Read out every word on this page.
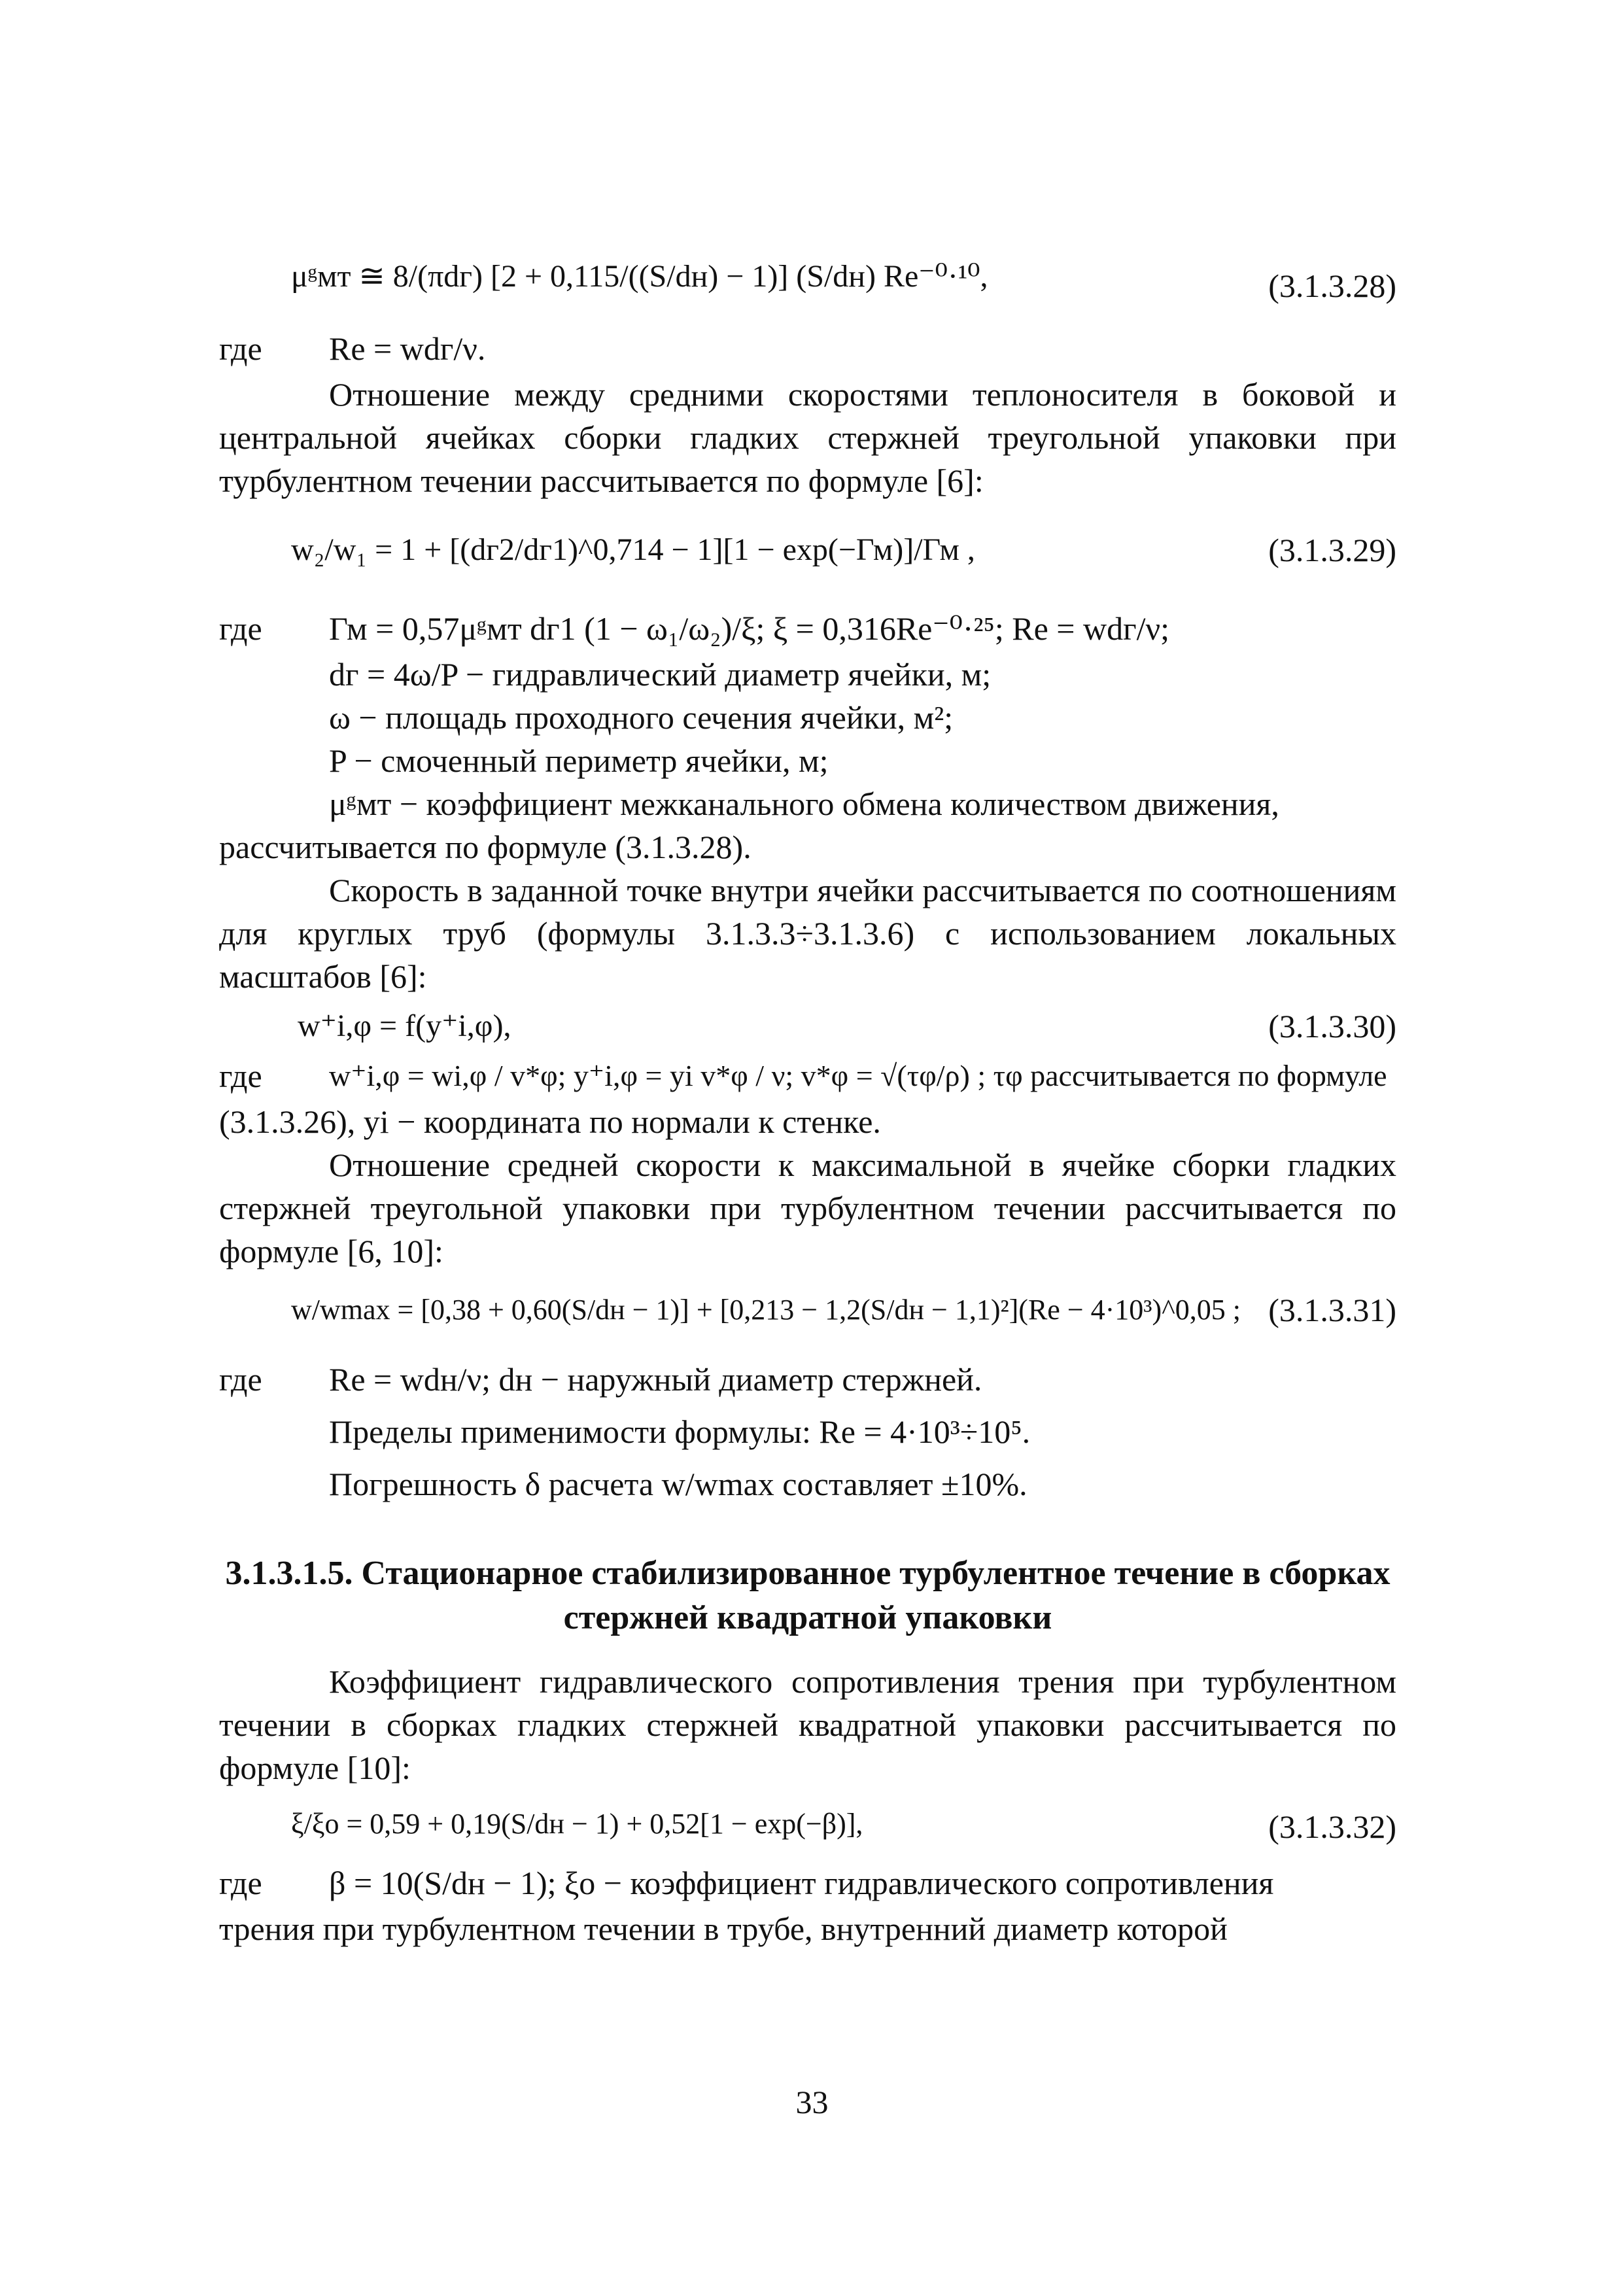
μᵍмт ≅ 8/(πdг) [2 + 0,115/((S/dн) − 1)] (S/dн) Re⁻⁰·¹⁰,	(3.1.3.28)
где	Re = wdг/ν.

Отношение между средними скоростями теплоносителя в боковой и центральной ячейках сборки гладких стержней треугольной упаковки при турбулентном течении рассчитывается по формуле [6]:

w₂/w₁ = 1 + [(dг2/dг1)^0,714 − 1][1 − exp(−Гм)]/Гм ,	(3.1.3.29)
где	Гм = 0,57μᵍмт dг1 (1 − ω₁/ω₂)/ξ; ξ = 0,316Re⁻⁰·²⁵; Re = wdг/ν;
dг = 4ω/P − гидравлический диаметр ячейки, м;
ω − площадь проходного сечения ячейки, м²;
P − смоченный периметр ячейки, м;
μᵍмт − коэффициент межканального обмена количеством движения,
рассчитывается по формуле (3.1.3.28).

Скорость в заданной точке внутри ячейки рассчитывается по соотношениям для круглых труб (формулы 3.1.3.3÷3.1.3.6) с использованием локальных масштабов [6]:

w⁺i,φ = f(y⁺i,φ),	(3.1.3.30)
где	w⁺i,φ = wi,φ / v*φ; y⁺i,φ = yi v*φ / ν; v*φ = √(τφ/ρ) ; τφ рассчитывается по формуле
(3.1.3.26), yi − координата по нормали к стенке.

Отношение средней скорости к максимальной в ячейке сборки гладких стержней треугольной упаковки при турбулентном течении рассчитывается по формуле [6, 10]:

w/wmax = [0,38 + 0,60(S/dн − 1)] + [0,213 − 1,2(S/dн − 1,1)²](Re − 4·10³)^0,05 ; (3.1.3.31)
где	Re = wdн/ν; dн − наружный диаметр стержней.
Пределы применимости формулы: Re = 4·10³÷10⁵.
Погрешность δ расчета w/wmax составляет ±10%.
3.1.3.1.5. Стационарное стабилизированное турбулентное течение в сборках стержней квадратной упаковки

Коэффициент гидравлического сопротивления трения при турбулентном течении в сборках гладких стержней квадратной упаковки рассчитывается по формуле [10]:

ξ/ξо = 0,59 + 0,19(S/dн − 1) + 0,52[1 − exp(−β)],	(3.1.3.32)
где	β = 10(S/dн − 1); ξо − коэффициент гидравлического сопротивления
трения при турбулентном течении в трубе, внутренний диаметр которой
33
